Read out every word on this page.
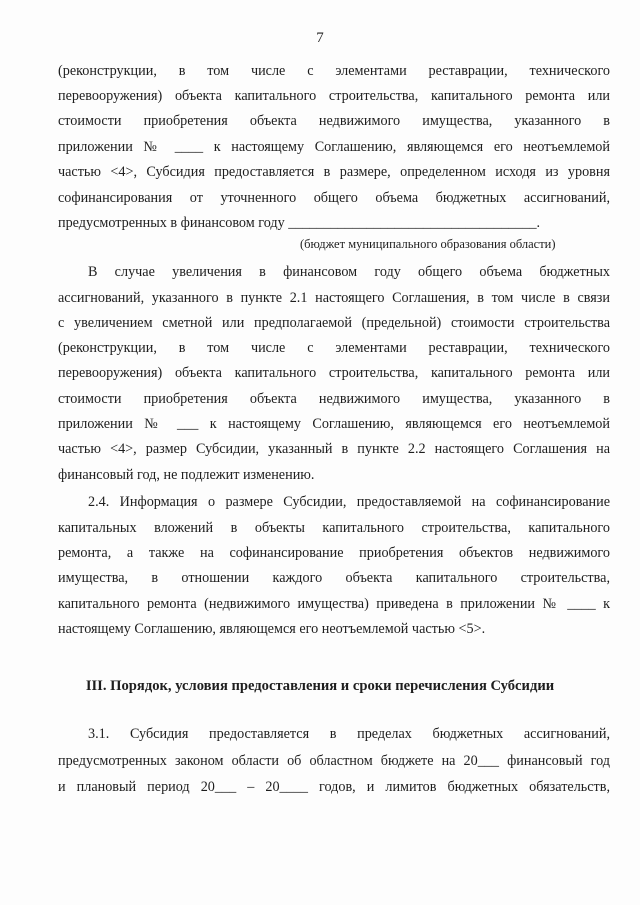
7
(реконструкции, в том числе с элементами реставрации, технического
перевооружения) объекта капитального строительства, капитального ремонта или
стоимости приобретения объекта недвижимого имущества, указанного в
приложении № ____ к настоящему Соглашению, являющемся его неотъемлемой
частью <4>, Субсидия предоставляется в размере, определенном исходя из уровня
софинансирования от уточненного общего объема бюджетных ассигнований,
предусмотренных в финансовом году ___________________________________.
(бюджет муниципального образования области)
В случае увеличения в финансовом году общего объема бюджетных
ассигнований, указанного в пункте 2.1 настоящего Соглашения, в том числе в связи
с увеличением сметной или предполагаемой (предельной) стоимости строительства
(реконструкции, в том числе с элементами реставрации, технического
перевооружения) объекта капитального строительства, капитального ремонта или
стоимости приобретения объекта недвижимого имущества, указанного в
приложении № ___ к настоящему Соглашению, являющемся его неотъемлемой
частью <4>, размер Субсидии, указанный в пункте 2.2 настоящего Соглашения на
финансовый год, не подлежит изменению.
2.4. Информация о размере Субсидии, предоставляемой на софинансирование
капитальных вложений в объекты капитального строительства, капитального
ремонта, а также на софинансирование приобретения объектов недвижимого
имущества, в отношении каждого объекта капитального строительства,
капитального ремонта (недвижимого имущества) приведена в приложении № ____ к
настоящему Соглашению, являющемся его неотъемлемой частью <5>.
III. Порядок, условия предоставления и сроки перечисления Субсидии
3.1. Субсидия предоставляется в пределах бюджетных ассигнований,
предусмотренных законом области об областном бюджете на 20___ финансовый год
и плановый период 20___ – 20____ годов, и лимитов бюджетных обязательств,
